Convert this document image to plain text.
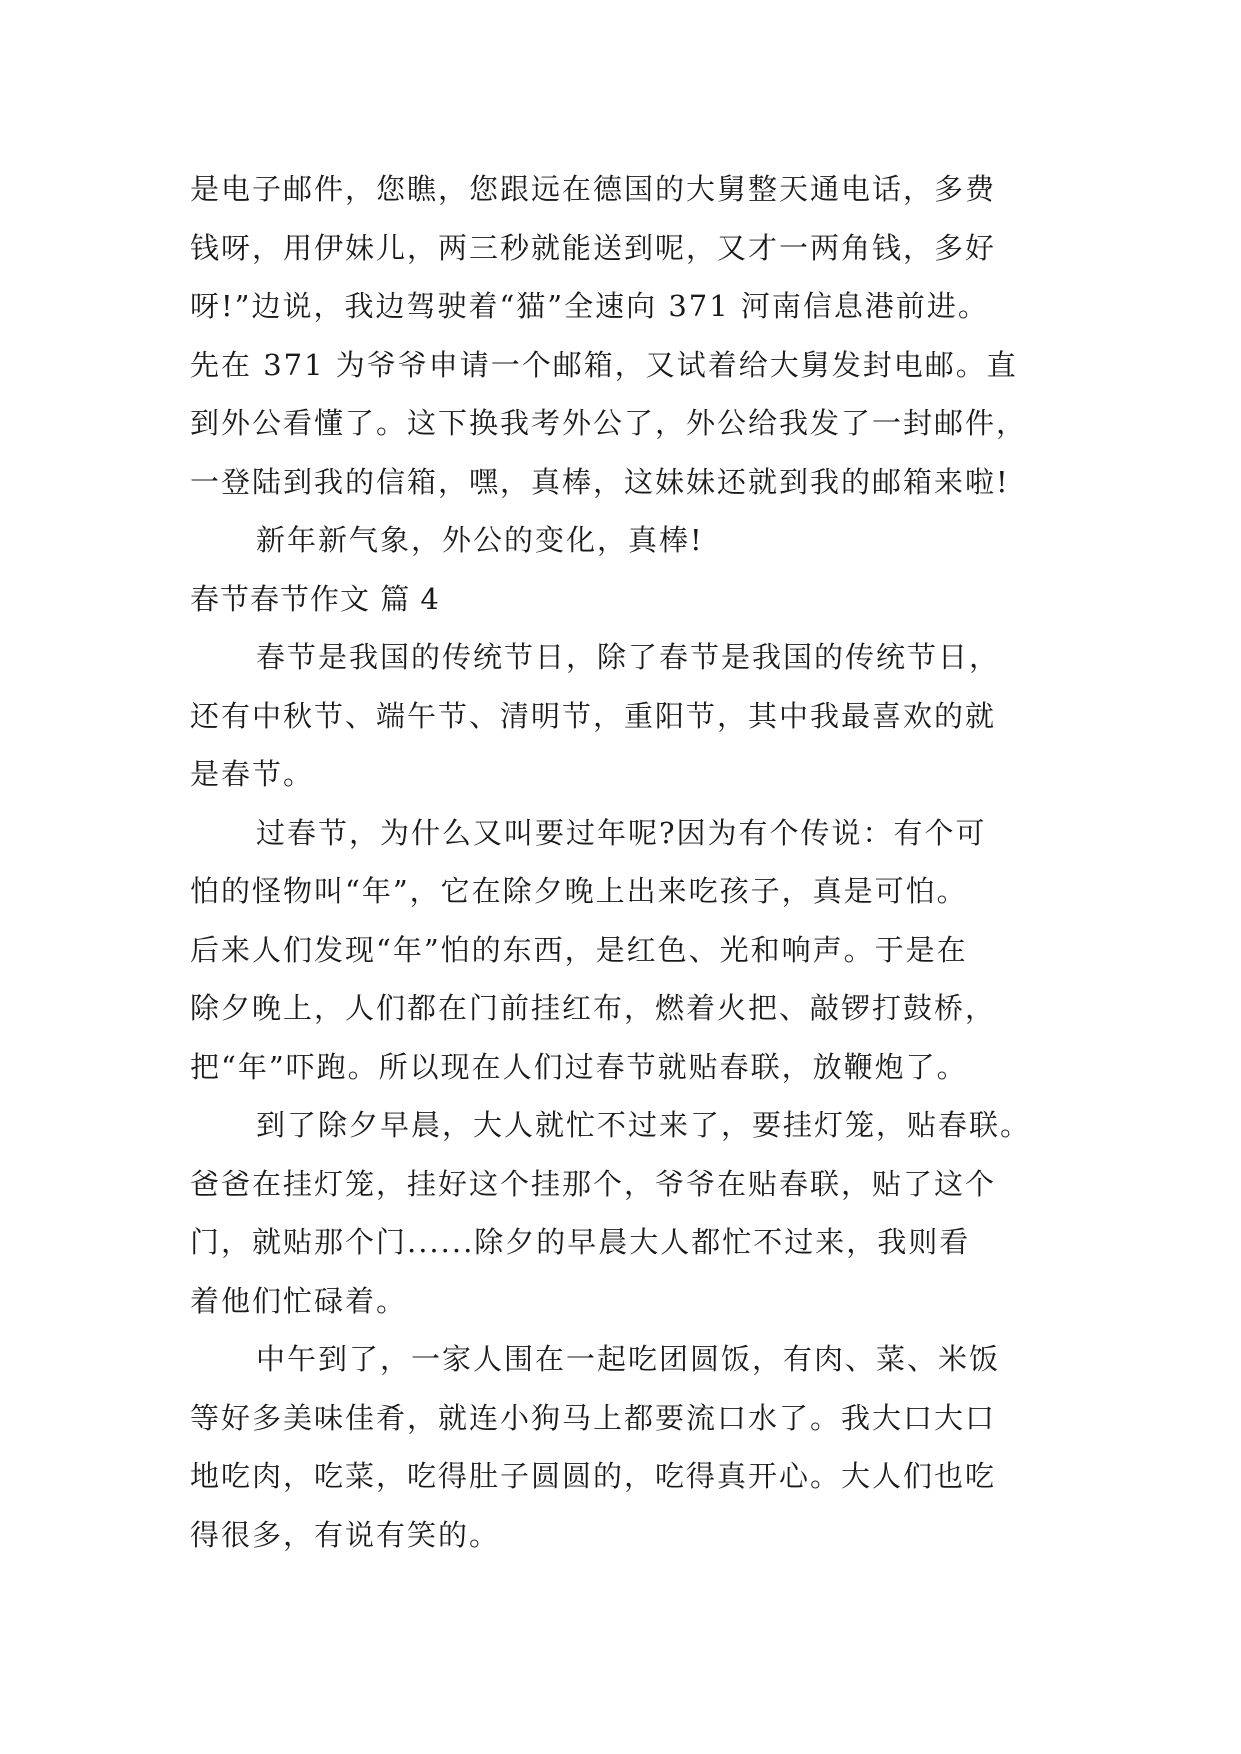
是电子邮件，您瞧，您跟远在德国的大舅整天通电话，多费
钱呀，用伊妹儿，两三秒就能送到呢，又才一两角钱，多好
呀!”边说，我边驾驶着“猫”全速向 371 河南信息港前进。
先在 371 为爷爷申请一个邮箱，又试着给大舅发封电邮。直
到外公看懂了。这下换我考外公了，外公给我发了一封邮件，
一登陆到我的信箱，嘿，真棒，这妹妹还就到我的邮箱来啦!
新年新气象，外公的变化，真棒!
春节春节作文 篇 4
春节是我国的传统节日，除了春节是我国的传统节日，
还有中秋节、端午节、清明节，重阳节，其中我最喜欢的就
是春节。
过春节，为什么又叫要过年呢?因为有个传说：有个可
怕的怪物叫“年”，它在除夕晚上出来吃孩子，真是可怕。
后来人们发现“年”怕的东西，是红色、光和响声。于是在
除夕晚上，人们都在门前挂红布，燃着火把、敲锣打鼓桥，
把“年”吓跑。所以现在人们过春节就贴春联，放鞭炮了。
到了除夕早晨，大人就忙不过来了，要挂灯笼，贴春联。
爸爸在挂灯笼，挂好这个挂那个，爷爷在贴春联，贴了这个
门，就贴那个门......除夕的早晨大人都忙不过来，我则看
着他们忙碌着。
中午到了，一家人围在一起吃团圆饭，有肉、菜、米饭
等好多美味佳肴，就连小狗马上都要流口水了。我大口大口
地吃肉，吃菜，吃得肚子圆圆的，吃得真开心。大人们也吃
得很多，有说有笑的。
